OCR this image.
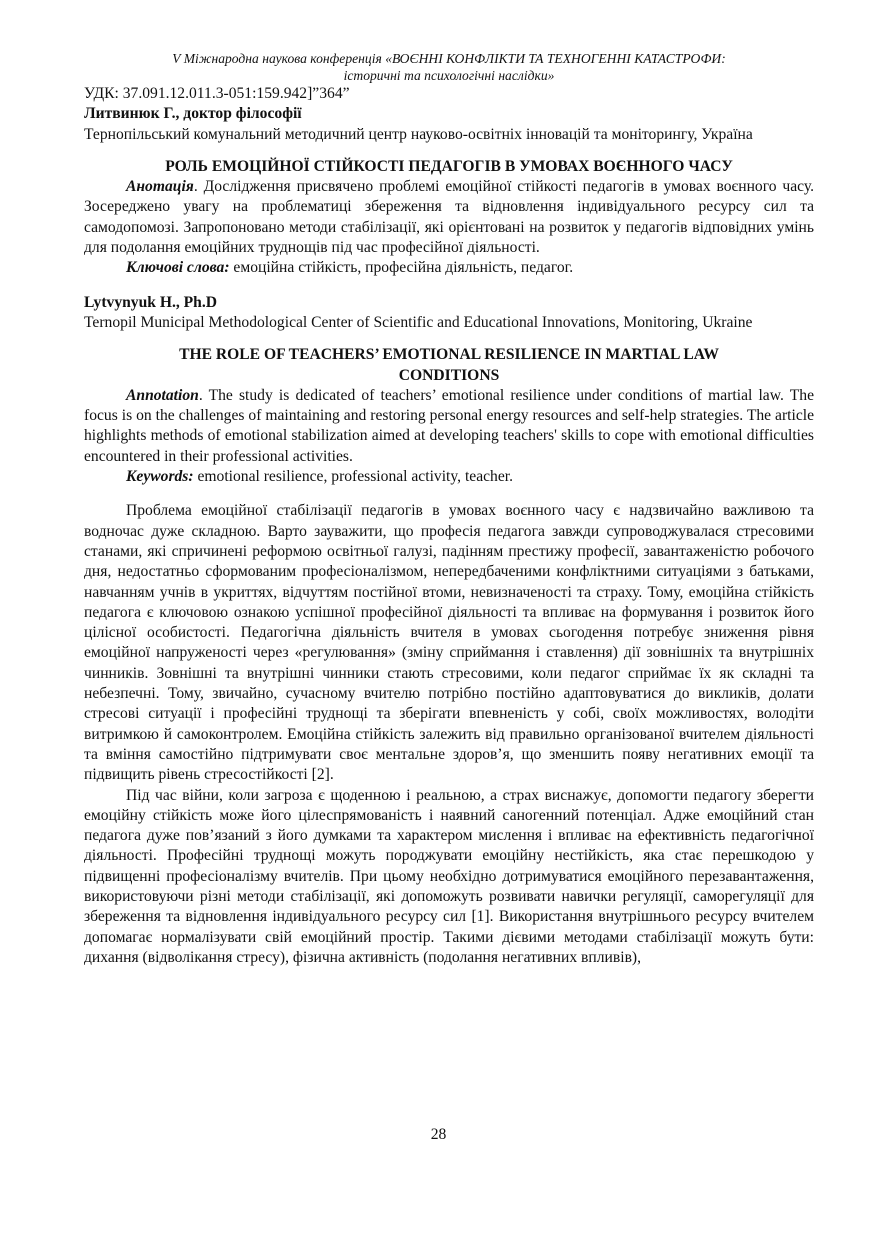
V Міжнародна наукова конференція «ВОЄННІ КОНФЛІКТИ ТА ТЕХНОГЕННІ КАТАСТРОФИ:
історичні та психологічні наслідки»

УДК: 37.091.12.011.3-051:159.942]”364”

Литвинюк Г., доктор філософії

Тернопільський комунальний методичний центр науково-освітніх інновацій та моніторингу, Україна

РОЛЬ ЕМОЦІЙНОЇ СТІЙКОСТІ ПЕДАГОГІВ В УМОВАХ ВОЄННОГО ЧАСУ

Анотація. Дослідження присвячено проблемі емоційної стійкості педагогів в умовах воєнного часу. Зосереджено увагу на проблематиці збереження та відновлення індивідуального ресурсу сил та самодопомозі. Запропоновано методи стабілізації, які орієнтовані на розвиток у педагогів відповідних умінь для подолання емоційних труднощів під час професійної діяльності.

Ключові слова: емоційна стійкість, професійна діяльність, педагог.

Lytvynyuk H., Ph.D

Ternopil Municipal Methodological Center of Scientific and Educational Innovations, Monitoring, Ukraine

THE ROLE OF TEACHERS’ EMOTIONAL RESILIENCE IN MARTIAL LAW CONDITIONS

Annotation. The study is dedicated of teachers’ emotional resilience under conditions of martial law. The focus is on the challenges of maintaining and restoring personal energy resources and self-help strategies. The article highlights methods of emotional stabilization aimed at developing teachers' skills to cope with emotional difficulties encountered in their professional activities.

Keywords: emotional resilience, professional activity, teacher.

Проблема емоційної стабілізації педагогів в умовах воєнного часу є надзвичайно важливою та водночас дуже складною. Варто зауважити, що професія педагога завжди супроводжувалася стресовими станами, які спричинені реформою освітньої галузі, падінням престижу професії, завантаженістю робочого дня, недостатньо сформованим професіоналізмом, непередбаченими конфліктними ситуаціями з батьками, навчанням учнів в укриттях, відчуттям постійної втоми, невизначеності та страху. Тому, емоційна стійкість педагога є ключовою ознакою успішної професійної діяльності та впливає на формування і розвиток його цілісної особистості. Педагогічна діяльність вчителя в умовах сьогодення потребує зниження рівня емоційної напруженості через «регулювання» (зміну сприймання і ставлення) дії зовнішніх та внутрішніх чинників. Зовнішні та внутрішні чинники стають стресовими, коли педагог сприймає їх як складні та небезпечні. Тому, звичайно, сучасному вчителю потрібно постійно адаптовуватися до викликів, долати стресові ситуації і професійні труднощі та зберігати впевненість у собі, своїх можливостях, володіти витримкою й самоконтролем. Емоційна стійкість залежить від правильно організованої вчителем діяльності та вміння самостійно підтримувати своє ментальне здоров’я, що зменшить появу негативних емоції та підвищить рівень стресостійкості [2].

Під час війни, коли загроза є щоденною і реальною, а страх виснажує, допомогти педагогу зберегти емоційну стійкість може його цілеспрямованість і наявний саногенний потенціал. Адже емоційний стан педагога дуже пов’язаний з його думками та характером мислення і впливає на ефективність педагогічної діяльності. Професійні труднощі можуть породжувати емоційну нестійкість, яка стає перешкодою у підвищенні професіоналізму вчителів. При цьому необхідно дотримуватися емоційного перезавантаження, використовуючи різні методи стабілізації, які допоможуть розвивати навички регуляції, саморегуляції для збереження та відновлення індивідуального ресурсу сил [1]. Використання внутрішнього ресурсу вчителем допомагає нормалізувати свій емоційний простір. Такими дієвими методами стабілізації можуть бути: дихання (відволікання стресу), фізична активність (подолання негативних впливів),

28
